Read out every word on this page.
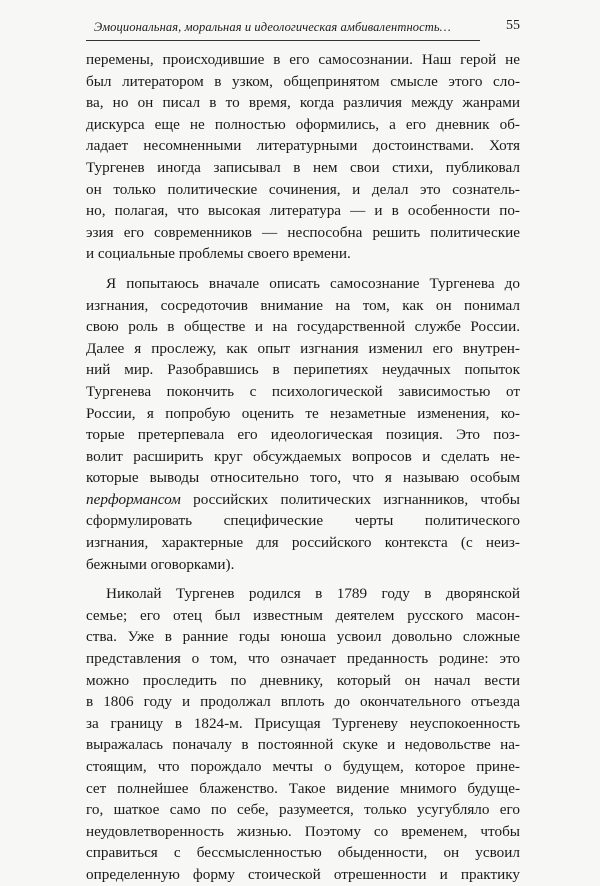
Эмоциональная, моральная и идеологическая амбивалентность…	55
перемены, происходившие в его самосознании. Наш герой не
был литератором в узком, общепринятом смысле этого сло-
ва, но он писал в то время, когда различия между жанрами
дискурса еще не полностью оформились, а его дневник об-
ладает несомненными литературными достоинствами. Хотя
Тургенев иногда записывал в нем свои стихи, публиковал
он только политические сочинения, и делал это сознатель-
но, полагая, что высокая литература — и в особенности по-
эзия его современников — неспособна решить политические
и социальные проблемы своего времени.
Я попытаюсь вначале описать самосознание Тургенева до
изгнания, сосредоточив внимание на том, как он понимал
свою роль в обществе и на государственной службе России.
Далее я прослежу, как опыт изгнания изменил его внутрен-
ний мир. Разобравшись в перипетиях неудачных попыток
Тургенева покончить с психологической зависимостью от
России, я попробую оценить те незаметные изменения, ко-
торые претерпевала его идеологическая позиция. Это поз-
волит расширить круг обсуждаемых вопросов и сделать не-
которые выводы относительно того, что я называю особым
перформансом российских политических изгнанников, чтобы
сформулировать специфические черты политического
изгнания, характерные для российского контекста (с неиз-
бежными оговорками).
Николай Тургенев родился в 1789 году в дворянской
семье; его отец был известным деятелем русского масон-
ства. Уже в ранние годы юноша усвоил довольно сложные
представления о том, что означает преданность родине: это
можно проследить по дневнику, который он начал вести
в 1806 году и продолжал вплоть до окончательного отъезда
за границу в 1824-м. Присущая Тургеневу неуспокоенность
выражалась поначалу в постоянной скуке и недовольстве на-
стоящим, что порождало мечты о будущем, которое прине-
сет полнейшее блаженство. Такое видение мнимого будуще-
го, шаткое само по себе, разумеется, только усугубляло его
неудовлетворенность жизнью. Поэтому со временем, чтобы
справиться с бессмысленностью обыденности, он усвоил
определенную форму стоической отрешенности и практику
